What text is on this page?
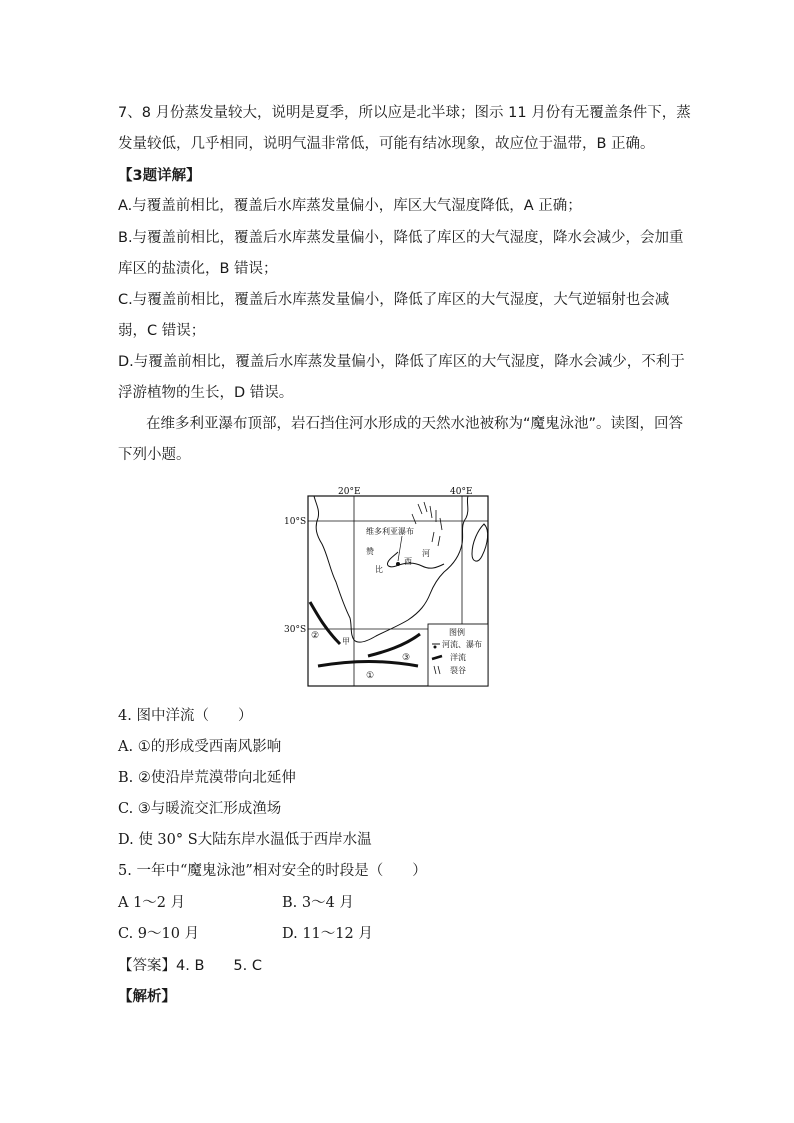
7、8 月份蒸发量较大，说明是夏季，所以应是北半球；图示 11 月份有无覆盖条件下，蒸
发量较低，几乎相同，说明气温非常低，可能有结冰现象，故应位于温带，B 正确。
【3题详解】
A.与覆盖前相比，覆盖后水库蒸发量偏小，库区大气湿度降低，A 正确；
B.与覆盖前相比，覆盖后水库蒸发量偏小，降低了库区的大气湿度，降水会减少，会加重
库区的盐渍化，B 错误；
C.与覆盖前相比，覆盖后水库蒸发量偏小，降低了库区的大气湿度，大气逆辐射也会减
弱，C 错误；
D.与覆盖前相比，覆盖后水库蒸发量偏小，降低了库区的大气湿度，降水会减少，不利于
浮游植物的生长，D 错误。
在维多利亚瀑布顶部，岩石挡住河水形成的天然水池被称为“魔鬼泳池”。读图，回答
下列小题。
20°E	40°E
10°S
30°S
维多利亚瀑布
赞
比
西
河
甲
②
①
③
图例
河流、瀑布
洋流
裂谷
4. 图中洋流（　　）
A. ①的形成受西南风影响
B. ②使沿岸荒漠带向北延伸
C. ③与暖流交汇形成渔场
D. 使 30° S大陆东岸水温低于西岸水温
5. 一年中“魔鬼泳池”相对安全的时段是（　　）
A 1～2 月	B. 3～4 月
C. 9～10 月	D. 11～12 月
【答案】4. B　　5. C
【解析】
